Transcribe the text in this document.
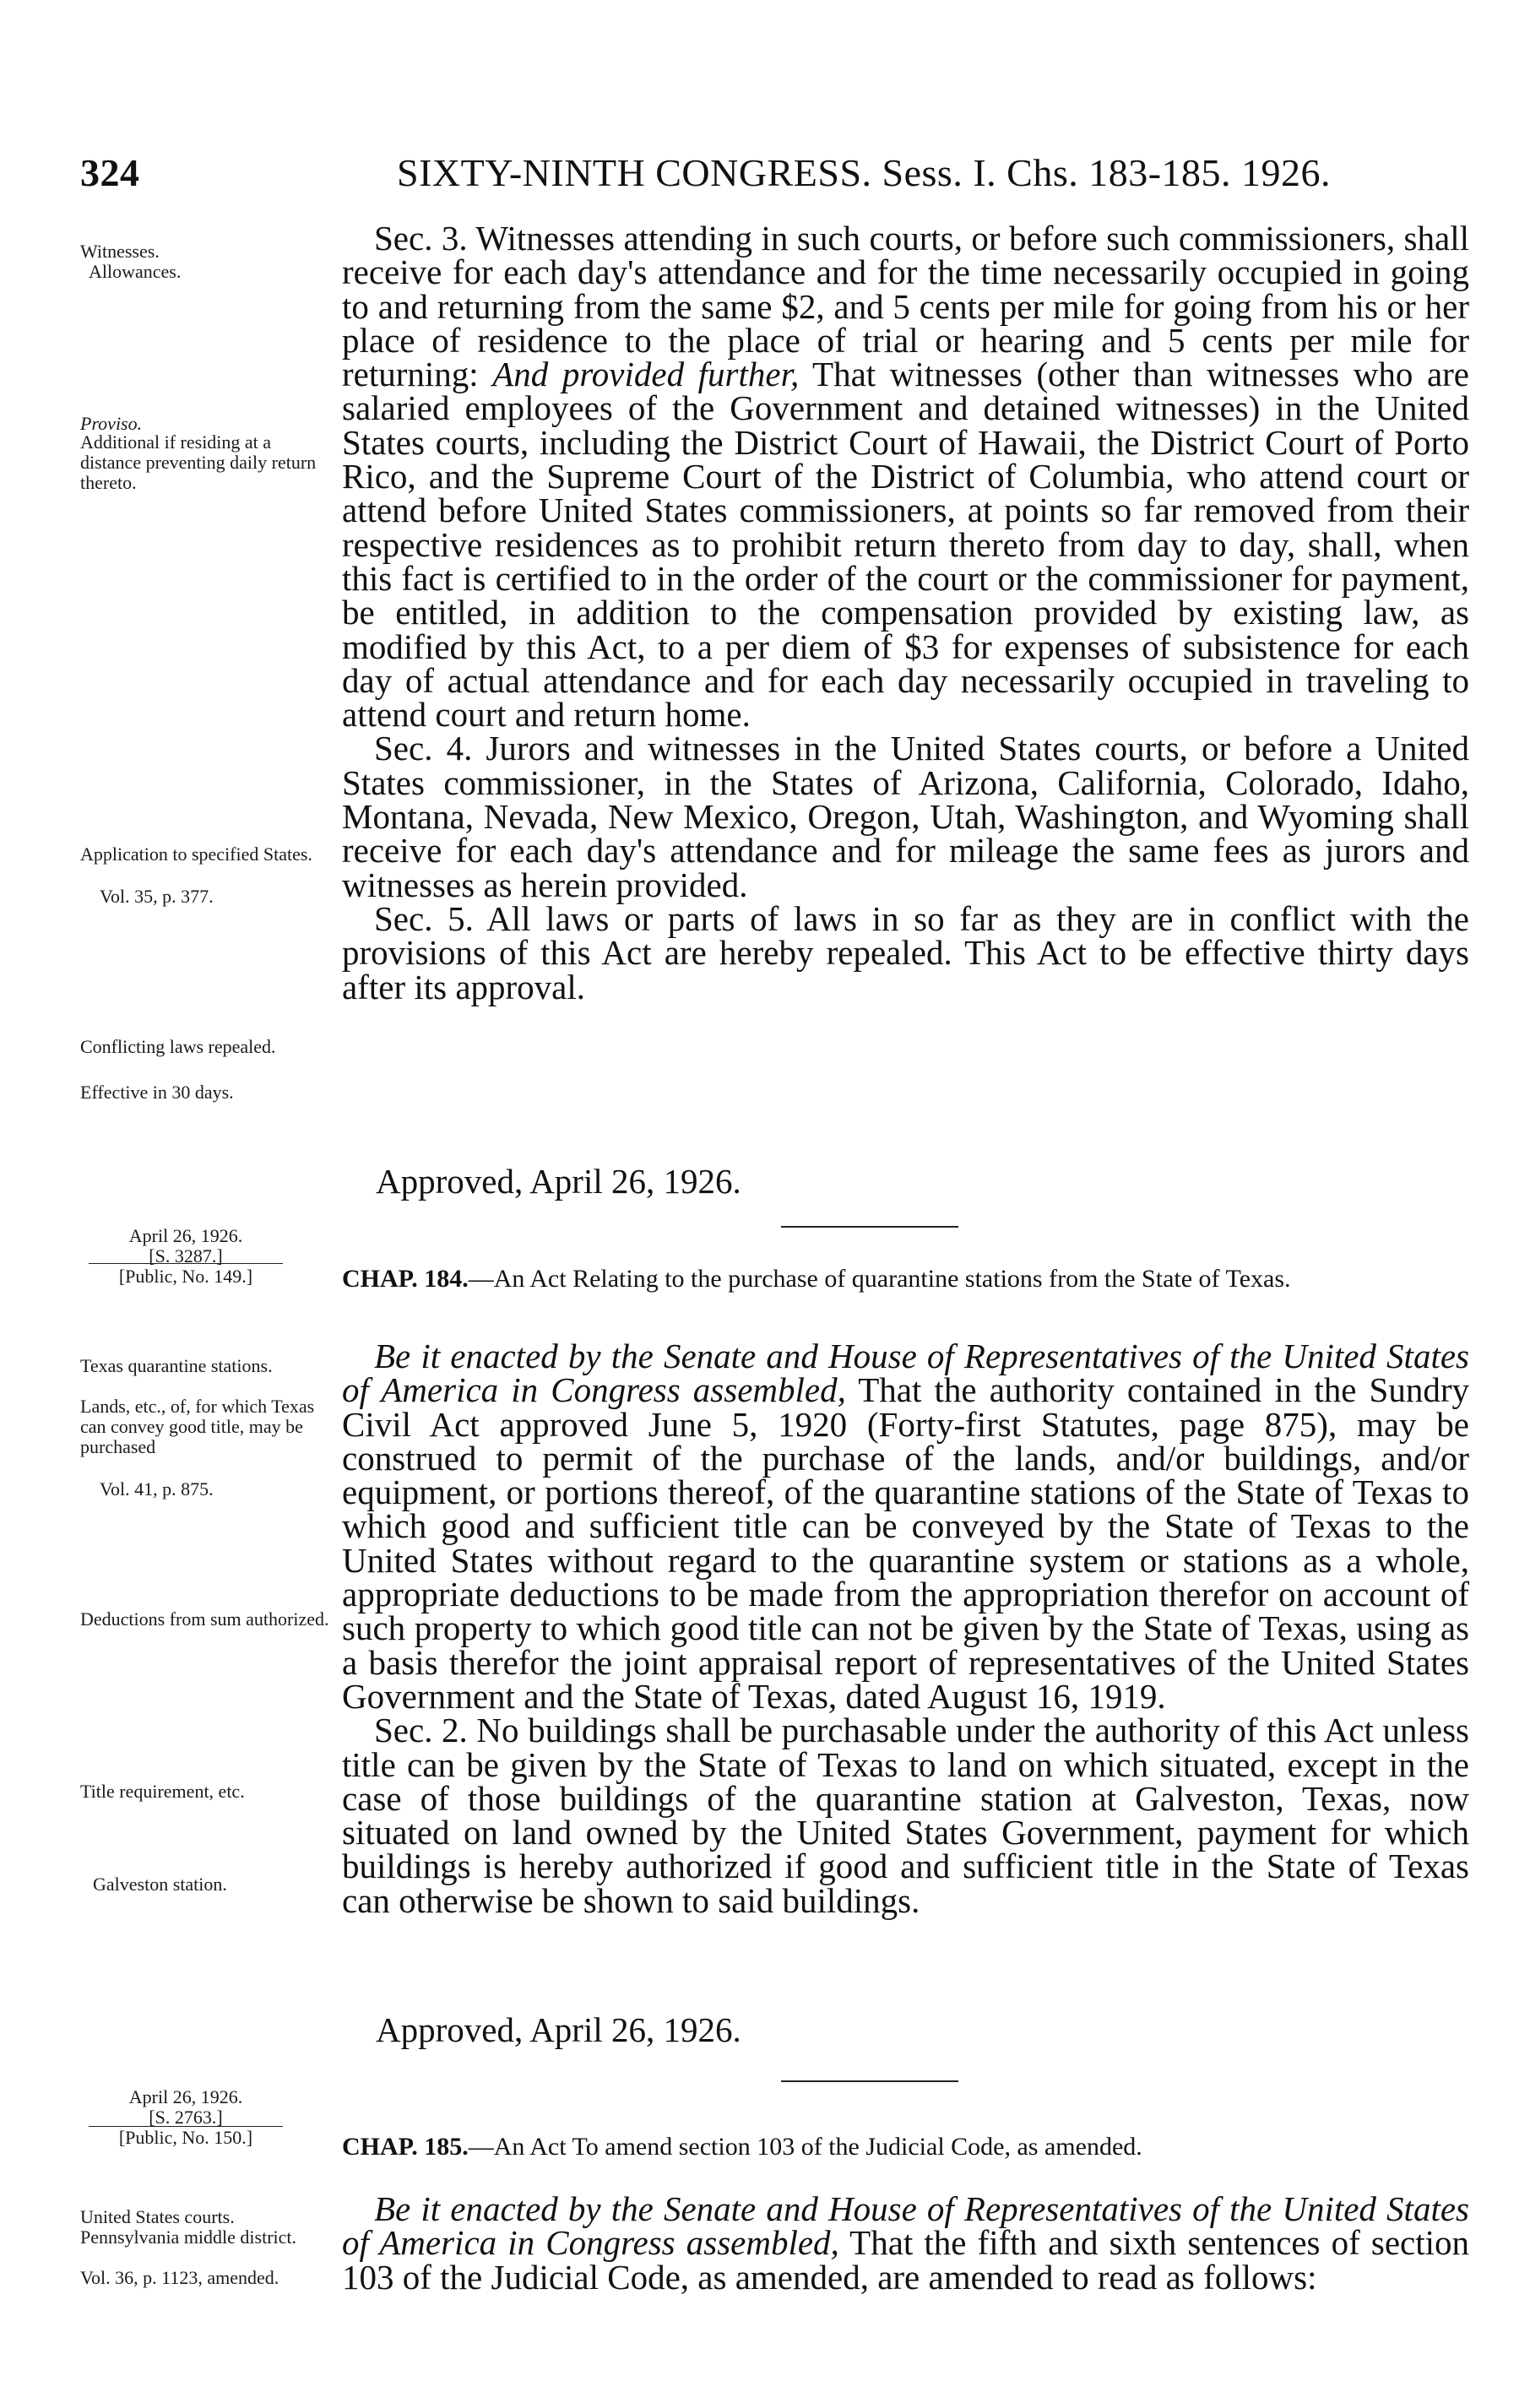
324	SIXTY-NINTH CONGRESS. Sess. I. Chs. 183-185. 1926.
Witnesses.
Allowances.
Proviso.
Additional if residing at a distance preventing daily return thereto.
Application to specified States.
Vol. 35, p. 377.
Conflicting laws repealed.
Effective in 30 days.

Sec. 3. Witnesses attending in such courts, or before such commissioners, shall receive for each day's attendance and for the time necessarily occupied in going to and returning from the same $2, and 5 cents per mile for going from his or her place of residence to the place of trial or hearing and 5 cents per mile for returning: And provided further, That witnesses (other than witnesses who are salaried employees of the Government and detained witnesses) in the United States courts, including the District Court of Hawaii, the District Court of Porto Rico, and the Supreme Court of the District of Columbia, who attend court or attend before United States commissioners, at points so far removed from their respective residences as to prohibit return thereto from day to day, shall, when this fact is certified to in the order of the court or the commissioner for payment, be entitled, in addition to the compensation provided by existing law, as modified by this Act, to a per diem of $3 for expenses of subsistence for each day of actual attendance and for each day necessarily occupied in traveling to attend court and return home.

Sec. 4. Jurors and witnesses in the United States courts, or before a United States commissioner, in the States of Arizona, California, Colorado, Idaho, Montana, Nevada, New Mexico, Oregon, Utah, Washington, and Wyoming shall receive for each day's attendance and for mileage the same fees as jurors and witnesses as herein provided.

Sec. 5. All laws or parts of laws in so far as they are in conflict with the provisions of this Act are hereby repealed. This Act to be effective thirty days after its approval.

Approved, April 26, 1926.
April 26, 1926.
[S. 3287.]
[Public, No. 149.]	CHAP. 184.—An Act Relating to the purchase of quarantine stations from the State of Texas.
Texas quarantine stations.
Lands, etc., of, for which Texas can convey good title, may be purchased
Vol. 41, p. 875.
Deductions from sum authorized.
Title requirement, etc.
Galveston station.

Be it enacted by the Senate and House of Representatives of the United States of America in Congress assembled, That the authority contained in the Sundry Civil Act approved June 5, 1920 (Forty-first Statutes, page 875), may be construed to permit of the purchase of the lands, and/or buildings, and/or equipment, or portions thereof, of the quarantine stations of the State of Texas to which good and sufficient title can be conveyed by the State of Texas to the United States without regard to the quarantine system or stations as a whole, appropriate deductions to be made from the appropriation therefor on account of such property to which good title can not be given by the State of Texas, using as a basis therefor the joint appraisal report of representatives of the United States Government and the State of Texas, dated August 16, 1919.

Sec. 2. No buildings shall be purchasable under the authority of this Act unless title can be given by the State of Texas to land on which situated, except in the case of those buildings of the quarantine station at Galveston, Texas, now situated on land owned by the United States Government, payment for which buildings is hereby authorized if good and sufficient title in the State of Texas can otherwise be shown to said buildings.

Approved, April 26, 1926.
April 26, 1926.
[S. 2763.]
[Public, No. 150.]	CHAP. 185.—An Act To amend section 103 of the Judicial Code, as amended.
United States courts.
Pennsylvania middle district.
Vol. 36, p. 1123, amended.

Be it enacted by the Senate and House of Representatives of the United States of America in Congress assembled, That the fifth and sixth sentences of section 103 of the Judicial Code, as amended, are amended to read as follows:
